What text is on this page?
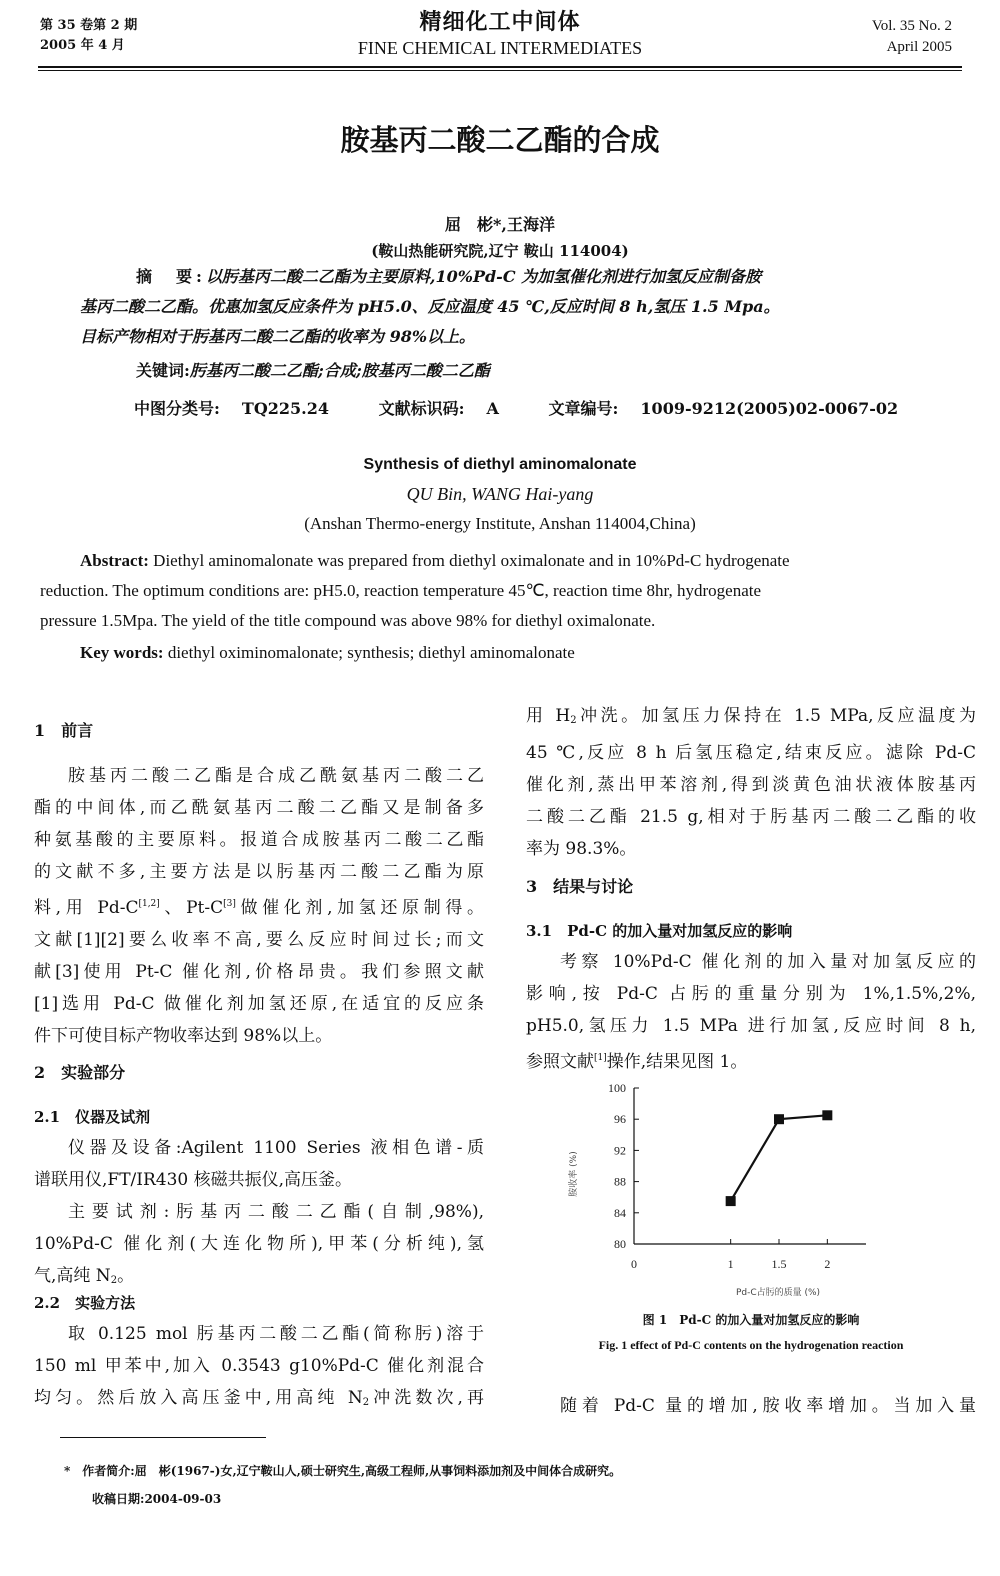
第 35 卷第 2 期
2005 年 4 月
精细化工中间体
FINE CHEMICAL INTERMEDIATES
Vol. 35 No. 2
April 2005
胺基丙二酸二乙酯的合成
屈　彬*,王海洋
(鞍山热能研究院,辽宁 鞍山 114004)
摘　要:以肟基丙二酸二乙酯为主要原料,10%Pd-C 为加氢催化剂进行加氢反应制备胺
基丙二酸二乙酯。优惠加氢反应条件为 pH5.0、反应温度 45 ℃,反应时间 8 h,氢压 1.5 Mpa。
目标产物相对于肟基丙二酸二乙酯的收率为 98%以上。
关键词:肟基丙二酸二乙酯;合成;胺基丙二酸二乙酯
中图分类号: TQ225.24	文献标识码: A	文章编号: 1009-9212(2005)02-0067-02
Synthesis of diethyl aminomalonate
QU Bin, WANG Hai-yang
(Anshan Thermo-energy Institute, Anshan 114004,China)
Abstract: Diethyl aminomalonate was prepared from diethyl oximalonate and in 10%Pd-C hydrogenate
reduction. The optimum conditions are: pH5.0, reaction temperature 45℃, reaction time 8hr, hydrogenate
pressure 1.5Mpa. The yield of the title compound was above 98% for diethyl oximalonate.
Key words: diethyl oximinomalonate; synthesis; diethyl aminomalonate
1　 前言
胺基丙二酸二乙酯是合成乙酰氨基丙二酸二乙
酯的中间体,而乙酰氨基丙二酸二乙酯又是制备多
种氨基酸的主要原料。报道合成胺基丙二酸二乙酯
的文献不多,主要方法是以肟基丙二酸二乙酯为原
料,用 Pd-C[1,2]、Pt-C[3]做催化剂,加氢还原制得。
文献[1][2]要么收率不高,要么反应时间过长;而文
献[3]使用 Pt-C 催化剂,价格昂贵。我们参照文献
[1]选用 Pd-C 做催化剂加氢还原,在适宜的反应条
件下可使目标产物收率达到 98%以上。
2　 实验部分
2.1　 仪器及试剂
仪器及设备:Agilent 1100 Series 液相色谱-质
谱联用仪,FT/IR430 核磁共振仪,高压釜。
主要试剂:肟基丙二酸二乙酯(自制,98%),
10%Pd-C 催化剂(大连化物所),甲苯(分析纯),氢
气,高纯 $N_2$。
2.2　 实验方法
取 0.125 mol 肟基丙二酸二乙酯(简称肟)溶于
150 ml 甲苯中,加入 0.3543 g10%Pd-C 催化剂混合
均匀。然后放入高压釜中,用高纯 $N_2$冲洗数次,再
用 $H_2$冲洗。加氢压力保持在 1.5 MPa,反应温度为
45 ℃,反应 8 h 后氢压稳定,结束反应。滤除 Pd-C
催化剂,蒸出甲苯溶剂,得到淡黄色油状液体胺基丙
二酸二乙酯 21.5 g,相对于肟基丙二酸二乙酯的收
率为 98.3%。
3　 结果与讨论
3.1　 Pd-C 的加入量对加氢反应的影响
考察 10%Pd-C 催化剂的加入量对加氢反应的
影响,按 Pd-C 占肟的重量分别为 1%,1.5%,2%,
pH5.0,氢压力 1.5 MPa 进行加氢,反应时间 8 h,
参照文献[1]操作,结果见图 1。
80
84
88
92
96
100
0	1	1.5	2
胺收率 (%)
Pd-C占肟的质量 (%)
图 1　Pd-C 的加入量对加氢反应的影响
Fig. 1 effect of Pd-C contents on the hydrogenation reaction
随着 Pd-C 量的增加,胺收率增加。当加入量
*　 作者简介:屈　彬(1967-)女,辽宁鞍山人,硕士研究生,高级工程师,从事饲料添加剂及中间体合成研究。
收稿日期:2004-09-03
